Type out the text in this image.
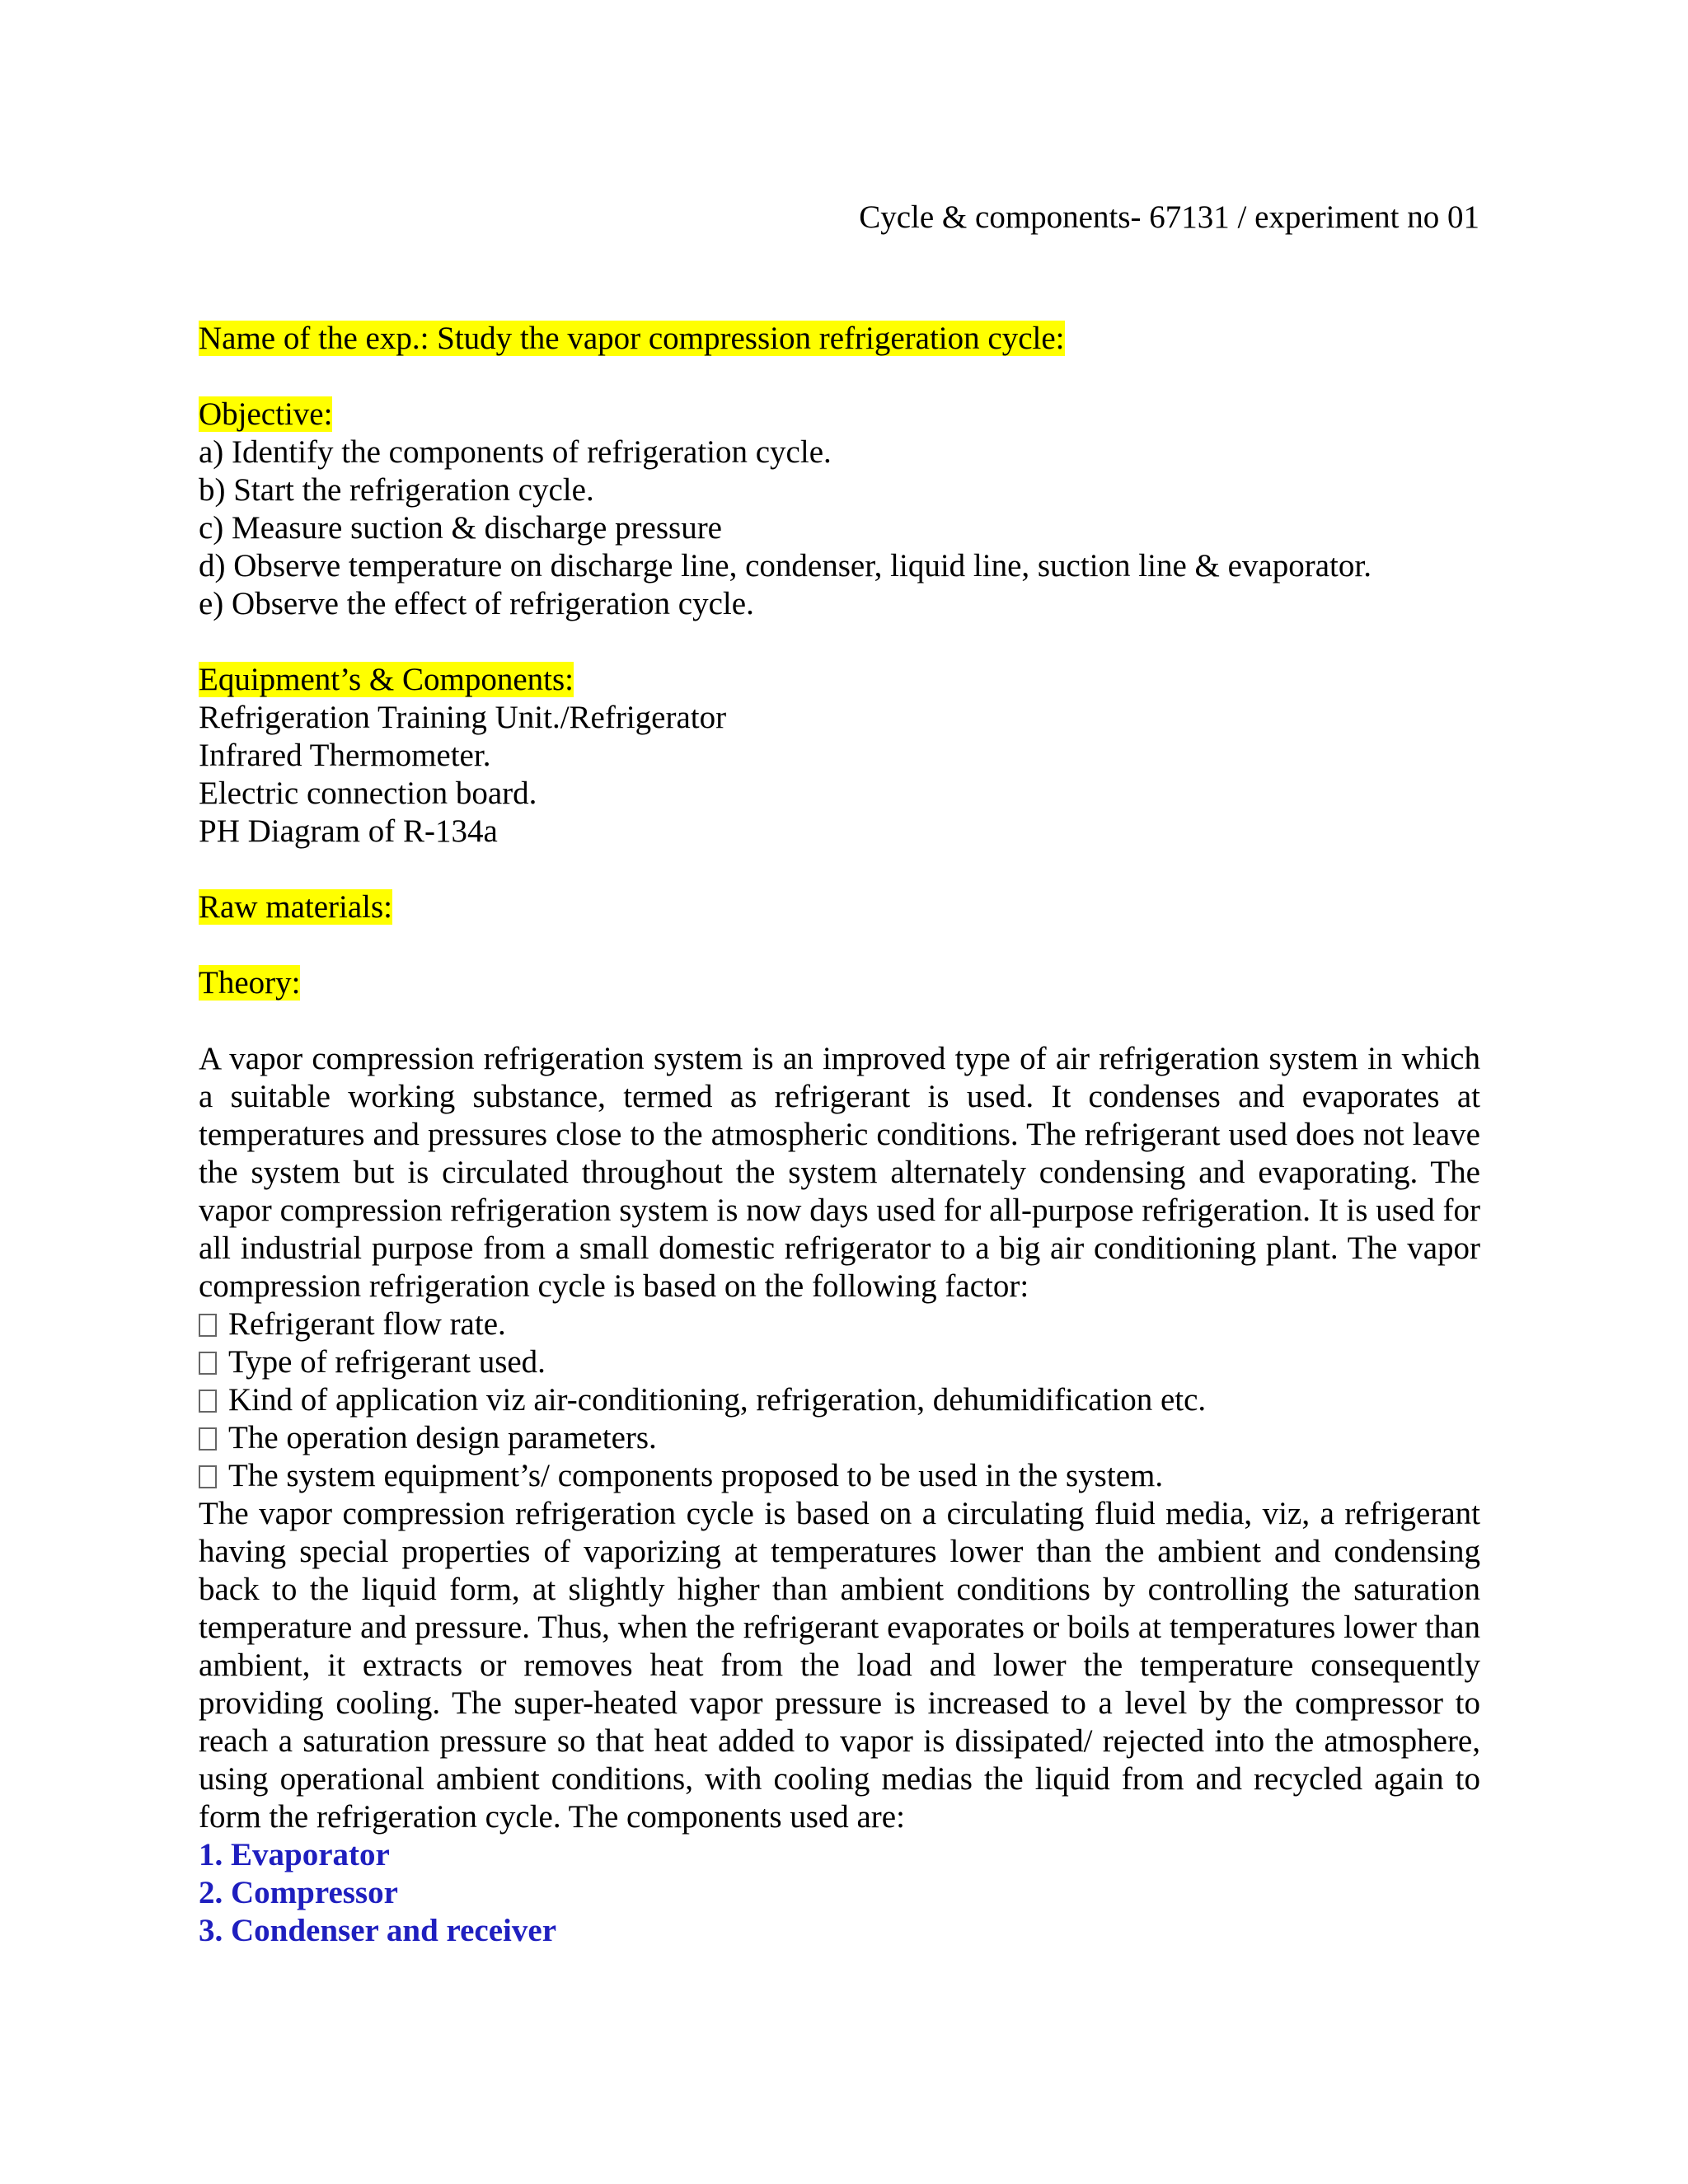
Cycle & components- 67131 / experiment no 01

Name of the exp.: Study the vapor compression refrigeration cycle:

Objective:

a) Identify the components of refrigeration cycle.

b) Start the refrigeration cycle.

c) Measure suction & discharge pressure

d) Observe temperature on discharge line, condenser, liquid line, suction line & evaporator.

e) Observe the effect of refrigeration cycle.

Equipment’s & Components:

Refrigeration Training Unit./Refrigerator

Infrared Thermometer.

Electric connection board.

PH Diagram of R-134a

Raw materials:

Theory:

A vapor compression refrigeration system is an improved type of air refrigeration system in which a suitable working substance, termed as refrigerant is used. It condenses and evaporates at temperatures and pressures close to the atmospheric conditions. The refrigerant used does not leave the system but is circulated throughout the system alternately condensing and evaporating. The vapor compression refrigeration system is now days used for all-purpose refrigeration. It is used for all industrial purpose from a small domestic refrigerator to a big air conditioning plant. The vapor compression refrigeration cycle is based on the following factor:

Refrigerant flow rate.

Type of refrigerant used.

Kind of application viz air-conditioning, refrigeration, dehumidification etc.

The operation design parameters.

The system equipment’s/ components proposed to be used in the system.

The vapor compression refrigeration cycle is based on a circulating fluid media, viz, a refrigerant having special properties of vaporizing at temperatures lower than the ambient and condensing back to the liquid form, at slightly higher than ambient conditions by controlling the saturation temperature and pressure. Thus, when the refrigerant evaporates or boils at temperatures lower than ambient, it extracts or removes heat from the load and lower the temperature consequently providing cooling. The super-heated vapor pressure is increased to a level by the compressor to reach a saturation pressure so that heat added to vapor is dissipated/ rejected into the atmosphere, using operational ambient conditions, with cooling medias the liquid from and recycled again to form the refrigeration cycle. The components used are:

1. Evaporator

2. Compressor

3. Condenser and receiver
